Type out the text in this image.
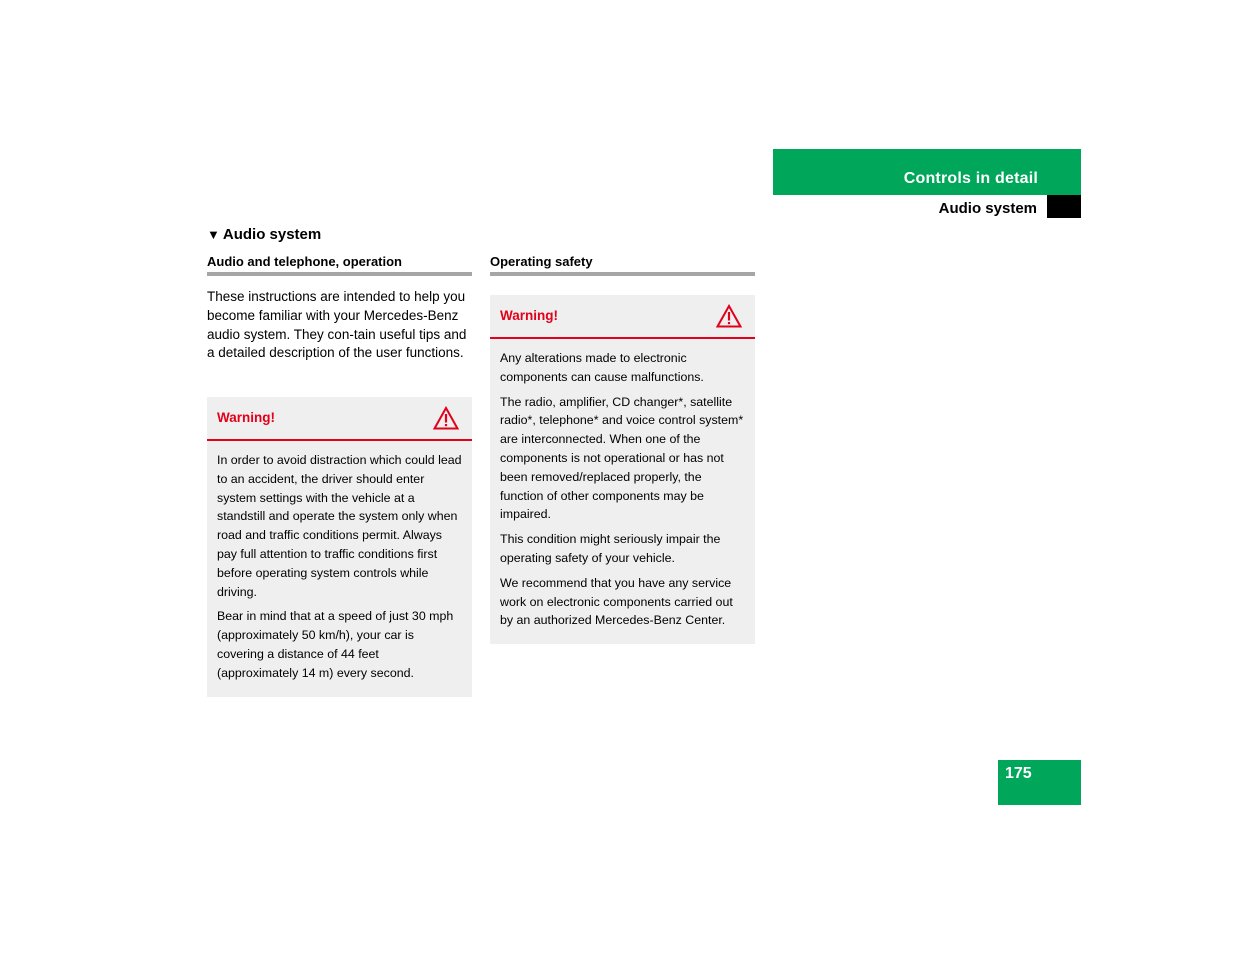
Controls in detail
Audio system
▼ Audio system
Audio and telephone, operation

These instructions are intended to help you become familiar with your Mercedes-Benz audio system. They con-tain useful tips and a detailed description of the user functions.

Warning!

In order to avoid distraction which could lead to an accident, the driver should enter system settings with the vehicle at a standstill and operate the system only when road and traffic conditions permit. Always pay full attention to traffic conditions first before operating system controls while driving.

Bear in mind that at a speed of just 30 mph (approximately 50 km/h), your car is covering a distance of 44 feet (approximately 14 m) every second.

Operating safety
Warning!

Any alterations made to electronic components can cause malfunctions.

The radio, amplifier, CD changer*, satellite radio*, telephone* and voice control system* are interconnected. When one of the components is not operational or has not been removed/replaced properly, the function of other components may be impaired.

This condition might seriously impair the operating safety of your vehicle.

We recommend that you have any service work on electronic components carried out by an authorized Mercedes-Benz Center.

175
